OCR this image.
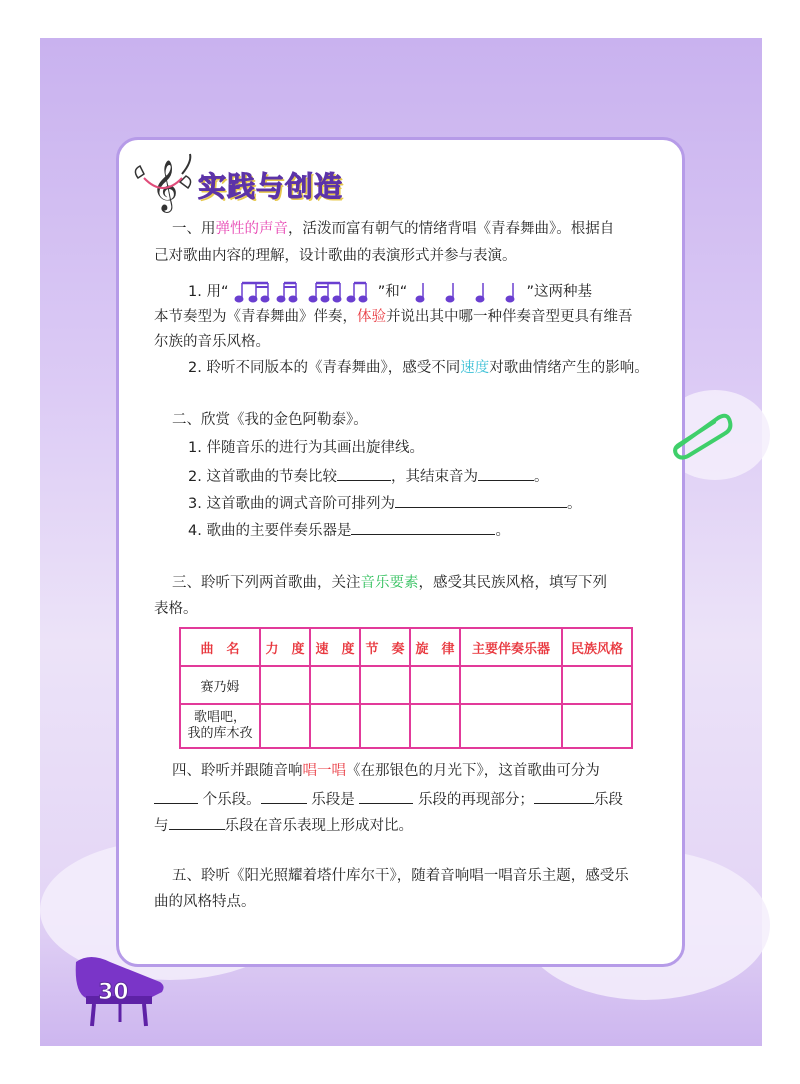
𝄞 实践与创造
一、用弹性的声音，活泼而富有朝气的情绪背唱《青春舞曲》。根据自
己对歌曲内容的理解，设计歌曲的表演形式并参与表演。
1. 用“	”和“	”这两种基
本节奏型为《青春舞曲》伴奏，体验并说出其中哪一种伴奏音型更具有维吾
尔族的音乐风格。
2. 聆听不同版本的《青春舞曲》，感受不同速度对歌曲情绪产生的影响。
二、欣赏《我的金色阿勒泰》。
1. 伴随音乐的进行为其画出旋律线。
2. 这首歌曲的节奏比较	，其结束音为	。
3. 这首歌曲的调式音阶可排列为	。
4. 歌曲的主要伴奏乐器是	。
三、聆听下列两首歌曲，关注音乐要素，感受其民族风格，填写下列
表格。
曲　名	力　度	速　度	节　奏	旋　律	主要伴奏乐器	民族风格
赛乃姆						
歌唱吧，
我的库木孜						
四、聆听并跟随音响唱一唱《在那银色的月光下》，这首歌曲可分为
个乐段。	乐段是	乐段的再现部分；	乐段
与	乐段在音乐表现上形成对比。
五、聆听《阳光照耀着塔什库尔干》，随着音响唱一唱音乐主题，感受乐
曲的风格特点。
30
